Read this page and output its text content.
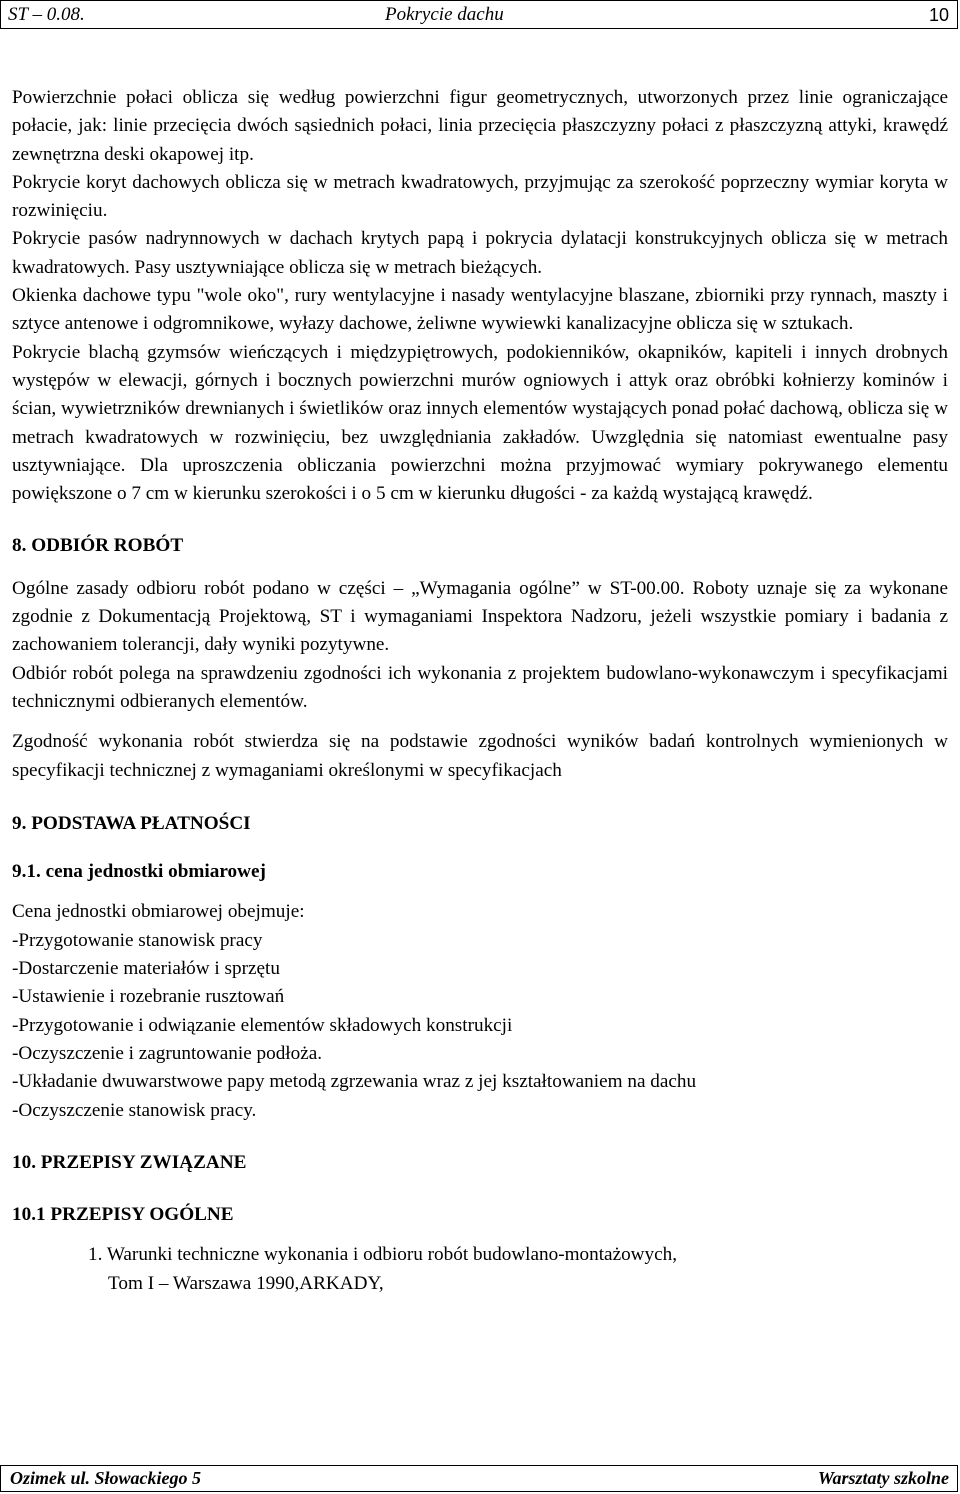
ST – 0.08.	Pokrycie dachu	10

Powierzchnie połaci oblicza się według powierzchni figur geometrycznych, utworzonych przez linie ograniczające połacie, jak: linie przecięcia dwóch sąsiednich połaci, linia przecięcia płaszczyzny połaci z płaszczyzną attyki, krawędź zewnętrzna deski okapowej itp.

Pokrycie koryt dachowych oblicza się w metrach kwadratowych, przyjmując za szerokość poprzeczny wymiar koryta w rozwinięciu.

Pokrycie pasów nadrynnowych w dachach krytych papą i pokrycia dylatacji konstrukcyjnych oblicza się w metrach kwadratowych. Pasy usztywniające oblicza się w metrach bieżących.

Okienka dachowe typu "wole oko", rury wentylacyjne i nasady wentylacyjne blaszane, zbiorniki przy rynnach, maszty i sztyce antenowe i odgromnikowe, wyłazy dachowe, żeliwne wywiewki kanalizacyjne oblicza się w sztukach.

Pokrycie blachą gzymsów wieńczących i międzypiętrowych, podokienników, okapników, kapiteli i innych drobnych występów w elewacji, górnych i bocznych powierzchni murów ogniowych i attyk oraz obróbki kołnierzy kominów i ścian, wywietrzników drewnianych i świetlików oraz innych elementów wystających ponad połać dachową, oblicza się w metrach kwadratowych w rozwinięciu, bez uwzględniania zakładów. Uwzględnia się natomiast ewentualne pasy usztywniające. Dla uproszczenia obliczania powierzchni można przyjmować wymiary pokrywanego elementu powiększone o 7 cm w kierunku szerokości i o 5 cm w kierunku długości - za każdą wystającą krawędź.

8. ODBIÓR ROBÓT

Ogólne zasady odbioru robót podano w części – „Wymagania ogólne” w ST-00.00. Roboty uznaje się za wykonane zgodnie z Dokumentacją Projektową, ST i wymaganiami Inspektora Nadzoru, jeżeli wszystkie pomiary i badania z zachowaniem tolerancji, dały wyniki pozytywne.

Odbiór robót polega na sprawdzeniu zgodności ich wykonania z projektem budowlano-wykonawczym i specyfikacjami technicznymi odbieranych elementów.

Zgodność wykonania robót stwierdza się na podstawie zgodności wyników badań kontrolnych wymienionych w specyfikacji technicznej z wymaganiami określonymi w specyfikacjach

9. PODSTAWA PŁATNOŚCI

9.1. cena jednostki obmiarowej

Cena jednostki obmiarowej obejmuje:

-Przygotowanie stanowisk pracy

-Dostarczenie materiałów i sprzętu

-Ustawienie i rozebranie rusztowań

-Przygotowanie i odwiązanie elementów składowych konstrukcji

-Oczyszczenie i zagruntowanie podłoża.

-Układanie dwuwarstwowe papy metodą zgrzewania wraz z jej kształtowaniem na dachu

-Oczyszczenie stanowisk pracy.

10. PRZEPISY ZWIĄZANE

10.1 PRZEPISY OGÓLNE

1. Warunki techniczne wykonania i odbioru robót budowlano-montażowych,

Tom I – Warszawa 1990,ARKADY,

Ozimek ul. Słowackiego 5	Warsztaty szkolne
